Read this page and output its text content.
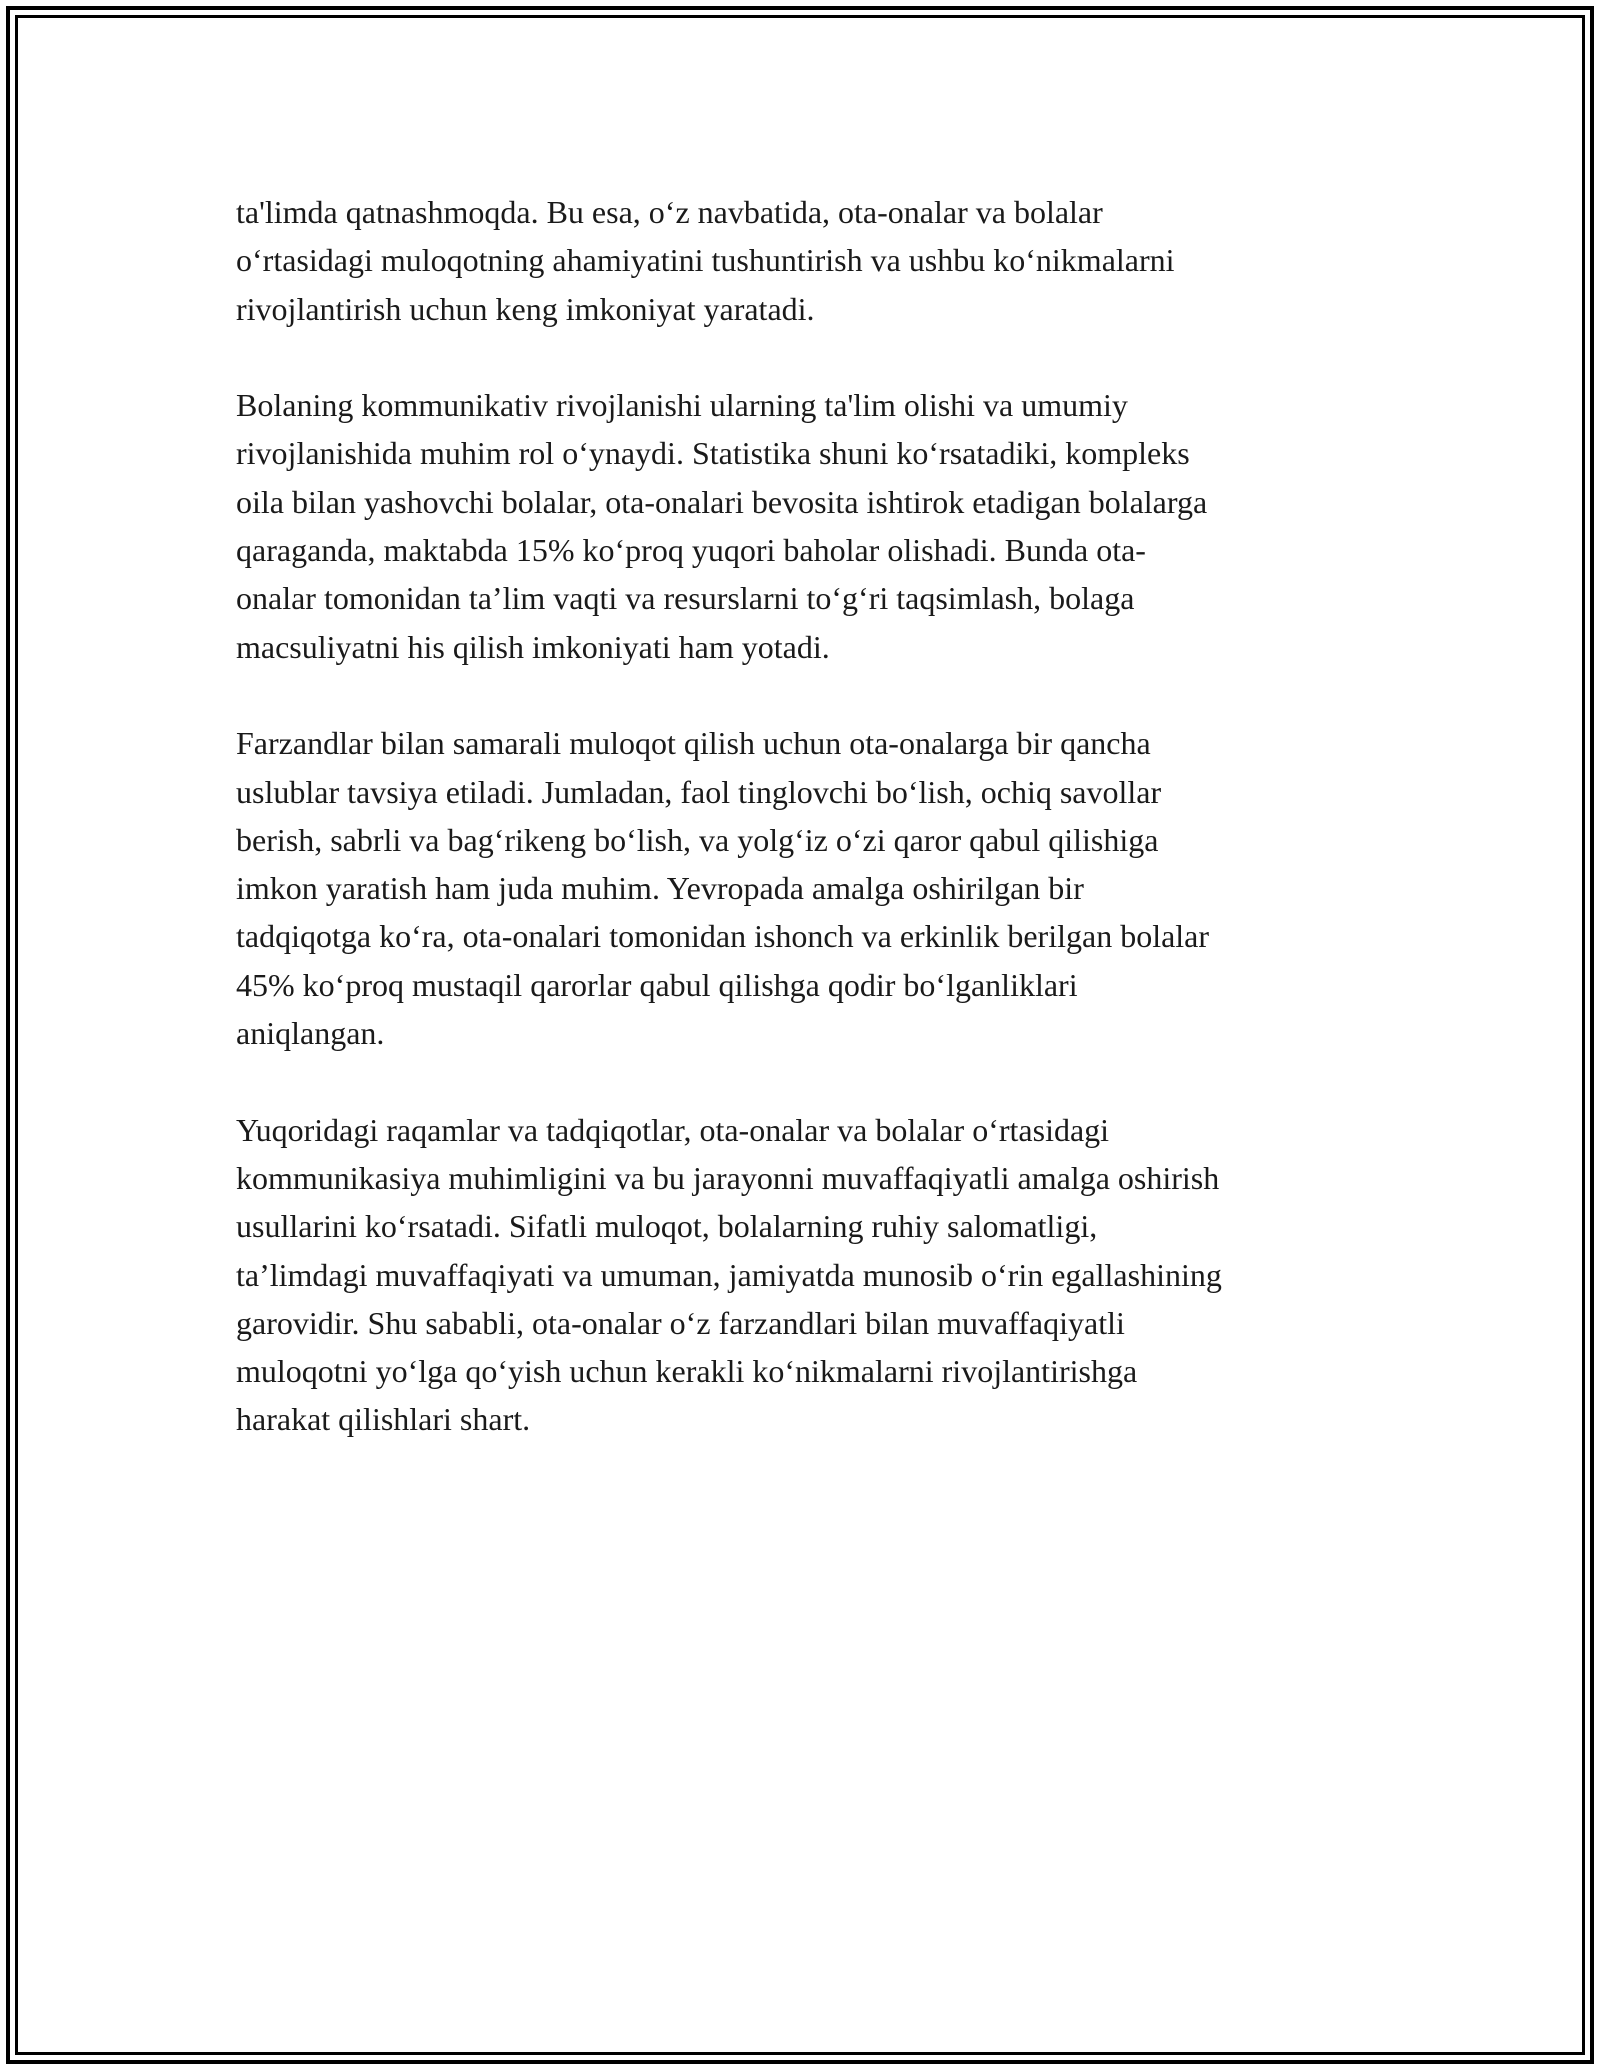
ta'limda qatnashmoqda. Bu esa, o‘z navbatida, ota-onalar va bolalar
o‘rtasidagi muloqotning ahamiyatini tushuntirish va ushbu ko‘nikmalarni
rivojlantirish uchun keng imkoniyat yaratadi.

Bolaning kommunikativ rivojlanishi ularning ta'lim olishi va umumiy
rivojlanishida muhim rol o‘ynaydi. Statistika shuni ko‘rsatadiki, kompleks
oila bilan yashovchi bolalar, ota-onalari bevosita ishtirok etadigan bolalarga
qaraganda, maktabda 15% ko‘proq yuqori baholar olishadi. Bunda ota-
onalar tomonidan ta’lim vaqti va resurslarni to‘g‘ri taqsimlash, bolaga
macsuliyatni his qilish imkoniyati ham yotadi.

Farzandlar bilan samarali muloqot qilish uchun ota-onalarga bir qancha
uslublar tavsiya etiladi. Jumladan, faol tinglovchi bo‘lish, ochiq savollar
berish, sabrli va bag‘rikeng bo‘lish, va yolg‘iz o‘zi qaror qabul qilishiga
imkon yaratish ham juda muhim. Yevropada amalga oshirilgan bir
tadqiqotga ko‘ra, ota-onalari tomonidan ishonch va erkinlik berilgan bolalar
45% ko‘proq mustaqil qarorlar qabul qilishga qodir bo‘lganliklari
aniqlangan.

Yuqoridagi raqamlar va tadqiqotlar, ota-onalar va bolalar o‘rtasidagi
kommunikasiya muhimligini va bu jarayonni muvaffaqiyatli amalga oshirish
usullarini ko‘rsatadi. Sifatli muloqot, bolalarning ruhiy salomatligi,
ta’limdagi muvaffaqiyati va umuman, jamiyatda munosib o‘rin egallashining
garovidir. Shu sababli, ota-onalar o‘z farzandlari bilan muvaffaqiyatli
muloqotni yo‘lga qo‘yish uchun kerakli ko‘nikmalarni rivojlantirishga
harakat qilishlari shart.
